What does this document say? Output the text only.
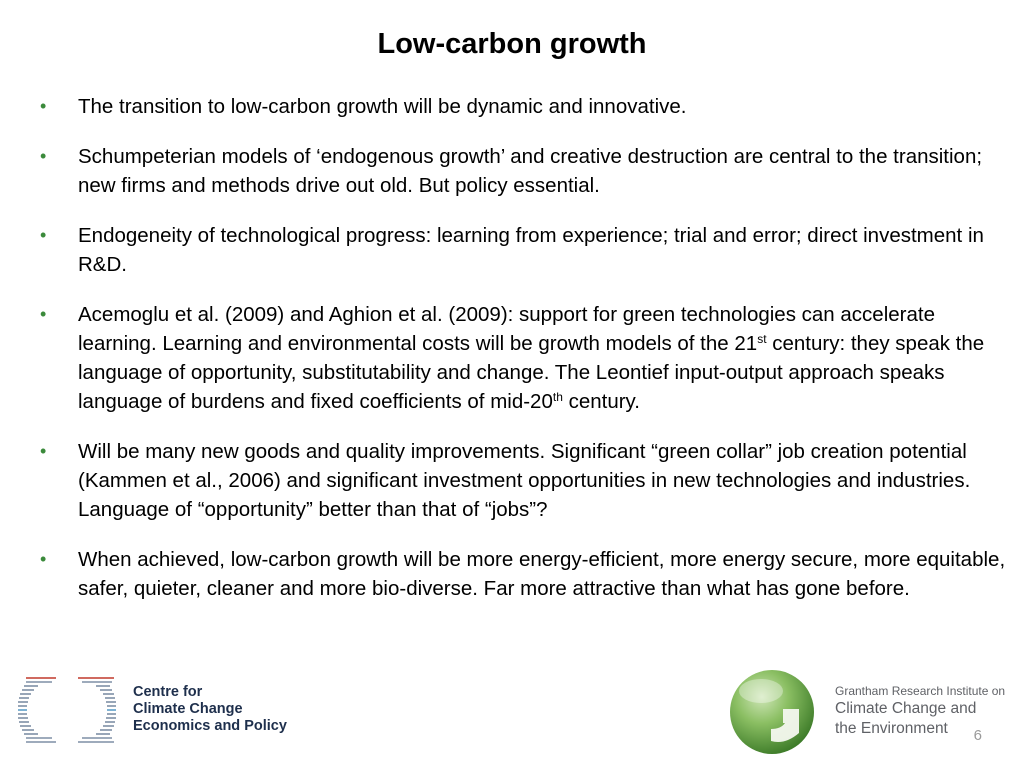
Low-carbon growth
• The transition to low-carbon growth will be dynamic and innovative.
• Schumpeterian models of ‘endogenous growth’ and creative destruction are central to the transition; new firms and methods drive out old. But policy essential.
• Endogeneity of technological progress: learning from experience; trial and error; direct investment in R&D.
• Acemoglu et al. (2009) and Aghion et al. (2009): support for green technologies can accelerate learning. Learning and environmental costs will be growth models of the 21st century: they speak the language of opportunity, substitutability and change. The Leontief input-output approach speaks language of burdens and fixed coefficients of mid-20th century.
• Will be many new goods and quality improvements. Significant “green collar” job creation potential (Kammen et al., 2006) and significant investment opportunities in new technologies and industries. Language of “opportunity” better than that of “jobs”?
• When achieved, low-carbon growth will be more energy-efficient, more energy secure, more equitable, safer, quieter, cleaner and more bio-diverse. Far more attractive than what has gone before.
Centre for
Climate Change
Economics and Policy
Grantham Research Institute on
Climate Change and
the Environment	6
